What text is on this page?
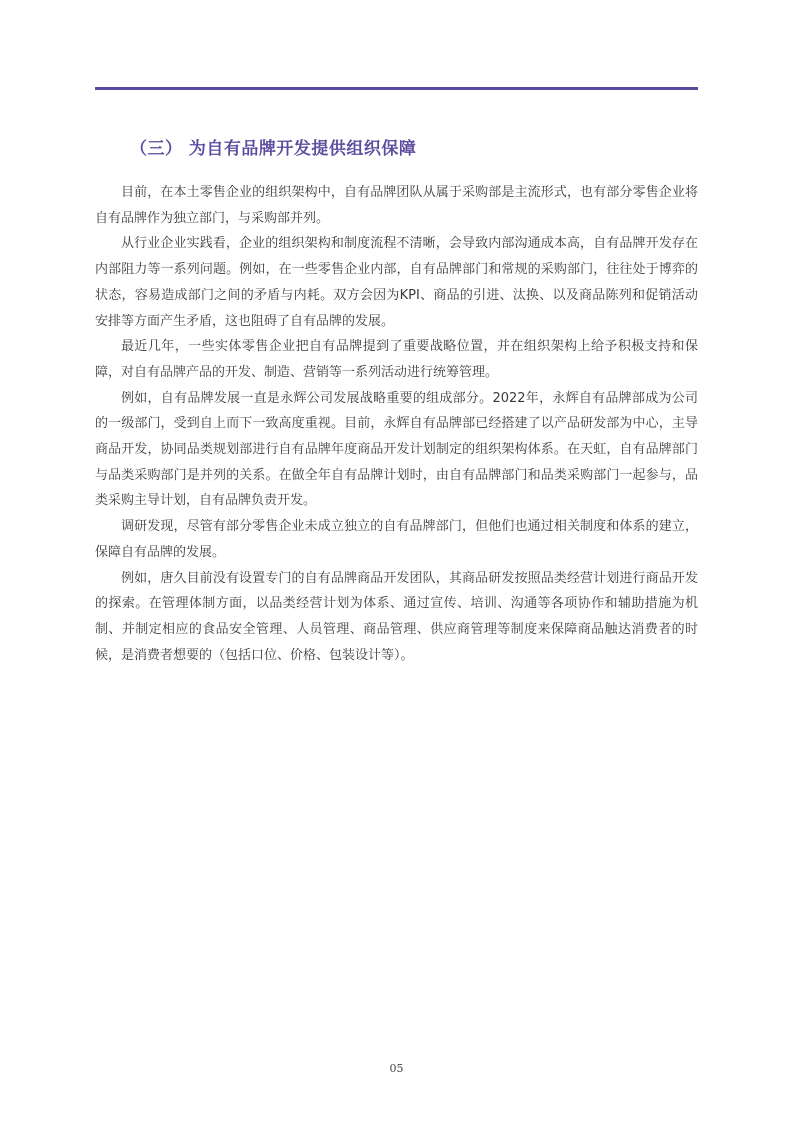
（三） 为自有品牌开发提供组织保障

目前，在本土零售企业的组织架构中，自有品牌团队从属于采购部是主流形式，也有部分零售企业将自有品牌作为独立部门，与采购部并列。

从行业企业实践看，企业的组织架构和制度流程不清晰，会导致内部沟通成本高，自有品牌开发存在内部阻力等一系列问题。例如，在一些零售企业内部，自有品牌部门和常规的采购部门，往往处于博弈的状态，容易造成部门之间的矛盾与内耗。双方会因为KPI、商品的引进、汰换、以及商品陈列和促销活动安排等方面产生矛盾，这也阻碍了自有品牌的发展。

最近几年，一些实体零售企业把自有品牌提到了重要战略位置，并在组织架构上给予积极支持和保障，对自有品牌产品的开发、制造、营销等一系列活动进行统筹管理。

例如，自有品牌发展一直是永辉公司发展战略重要的组成部分。2022年，永辉自有品牌部成为公司的一级部门，受到自上而下一致高度重视。目前，永辉自有品牌部已经搭建了以产品研发部为中心，主导商品开发，协同品类规划部进行自有品牌年度商品开发计划制定的组织架构体系。在天虹，自有品牌部门与品类采购部门是并列的关系。在做全年自有品牌计划时，由自有品牌部门和品类采购部门一起参与，品类采购主导计划，自有品牌负责开发。

调研发现，尽管有部分零售企业未成立独立的自有品牌部门，但他们也通过相关制度和体系的建立，保障自有品牌的发展。

例如，唐久目前没有设置专门的自有品牌商品开发团队，其商品研发按照品类经营计划进行商品开发的探索。在管理体制方面，以品类经营计划为体系、通过宣传、培训、沟通等各项协作和辅助措施为机制、并制定相应的食品安全管理、人员管理、商品管理、供应商管理等制度来保障商品触达消费者的时候，是消费者想要的（包括口位、价格、包装设计等）。

05
